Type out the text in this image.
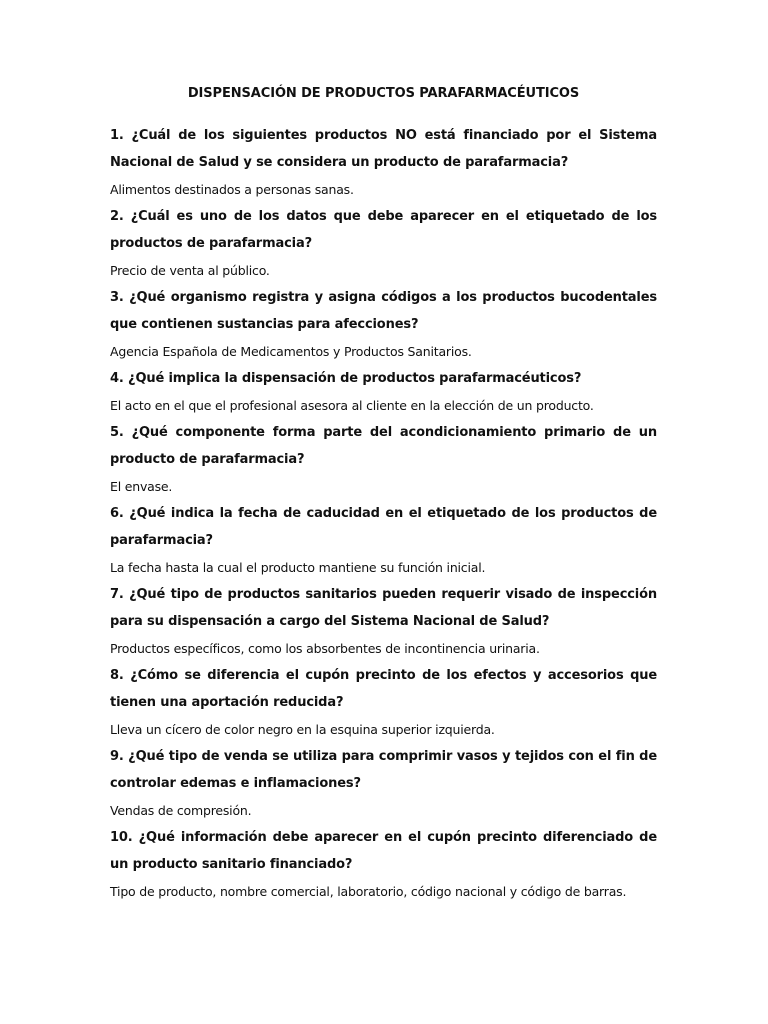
DISPENSACIÓN DE PRODUCTOS PARAFARMACÉUTICOS
1. ¿Cuál de los siguientes productos NO está financiado por el Sistema Nacional de Salud y se considera un producto de parafarmacia?
Alimentos destinados a personas sanas.
2. ¿Cuál es uno de los datos que debe aparecer en el etiquetado de los productos de parafarmacia?
Precio de venta al público.
3. ¿Qué organismo registra y asigna códigos a los productos bucodentales que contienen sustancias para afecciones?
Agencia Española de Medicamentos y Productos Sanitarios.
4. ¿Qué implica la dispensación de productos parafarmacéuticos?
El acto en el que el profesional asesora al cliente en la elección de un producto.
5. ¿Qué componente forma parte del acondicionamiento primario de un producto de parafarmacia?
El envase.
6. ¿Qué indica la fecha de caducidad en el etiquetado de los productos de parafarmacia?
La fecha hasta la cual el producto mantiene su función inicial.
7. ¿Qué tipo de productos sanitarios pueden requerir visado de inspección para su dispensación a cargo del Sistema Nacional de Salud?
Productos específicos, como los absorbentes de incontinencia urinaria.
8. ¿Cómo se diferencia el cupón precinto de los efectos y accesorios que tienen una aportación reducida?
Lleva un cícero de color negro en la esquina superior izquierda.
9. ¿Qué tipo de venda se utiliza para comprimir vasos y tejidos con el fin de controlar edemas e inflamaciones?
Vendas de compresión.
10. ¿Qué información debe aparecer en el cupón precinto diferenciado de un producto sanitario financiado?
Tipo de producto, nombre comercial, laboratorio, código nacional y código de barras.
